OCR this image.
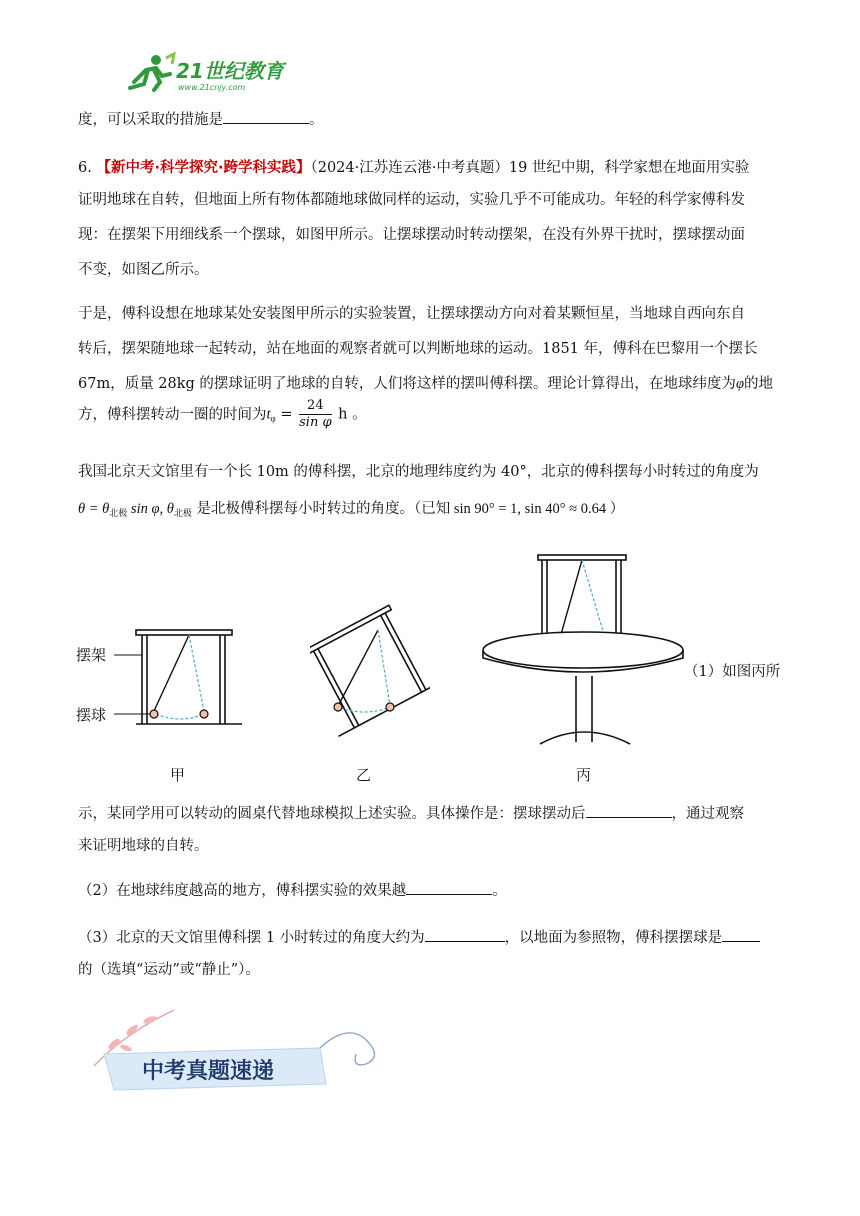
21世纪教育
www.21cnjy.com
度，可以采取的措施是	。
6. 【新中考·科学探究·跨学科实践】（2024·江苏连云港·中考真题）19 世纪中期，科学家想在地面用实验
证明地球在自转，但地面上所有物体都随地球做同样的运动，实验几乎不可能成功。年轻的科学家傅科发
现：在摆架下用细线系一个摆球，如图甲所示。让摆球摆动时转动摆架，在没有外界干扰时，摆球摆动面
不变，如图乙所示。
于是，傅科设想在地球某处安装图甲所示的实验装置，让摆球摆动方向对着某颗恒星，当地球自西向东自
转后，摆架随地球一起转动，站在地面的观察者就可以判断地球的运动。1851 年，傅科在巴黎用一个摆长
67m，质量 28kg 的摆球证明了地球的自转，人们将这样的摆叫傅科摆。理论计算得出，在地球纬度为φ的地
方，傅科摆转动一圈的时间为$t_\varphi = \frac{24}{\text{sin φ}}$ h 。
我国北京天文馆里有一个长 10m 的傅科摆，北京的地理纬度约为 40°，北京的傅科摆每小时转过的角度为
$\theta = \theta_{北极}$ sin φ, $\theta_{北极}$ 是北极傅科摆每小时转过的角度。（已知 sin 90° = 1, sin 40° ≈ 0.64 ）
摆架
摆球
甲	乙	丙
（1）如图丙所
示，某同学用可以转动的圆桌代替地球模拟上述实验。具体操作是：摆球摆动后	，通过观察
来证明地球的自转。
（2）在地球纬度越高的地方，傅科摆实验的效果越	。
（3）北京的天文馆里傅科摆 1 小时转过的角度大约为	，以地面为参照物，傅科摆摆球是
的（选填“运动”或“静止”）。
中考真题速递
